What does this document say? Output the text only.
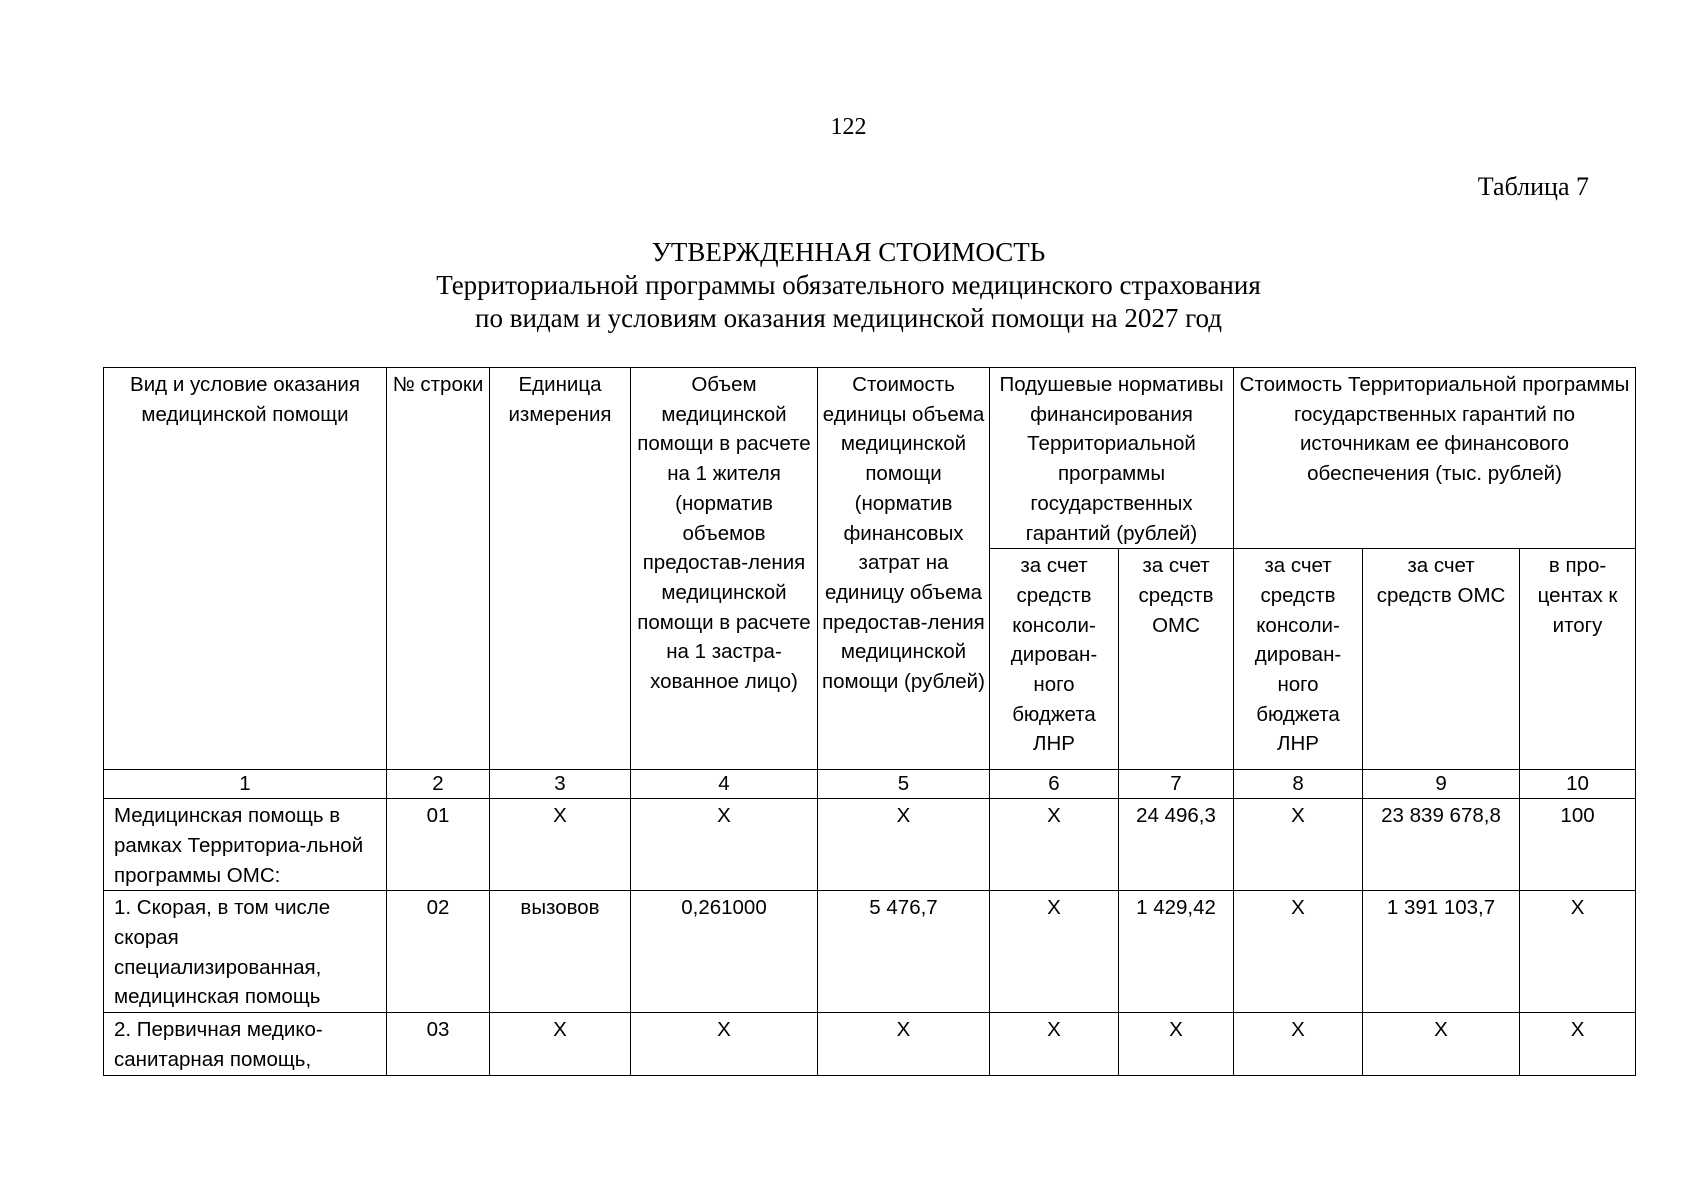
122
Таблица 7
УТВЕРЖДЕННАЯ СТОИМОСТЬ
Территориальной программы обязательного медицинского страхования
по видам и условиям оказания медицинской помощи на 2027 год
Вид и условие оказания медицинской помощи	№ строки	Единица измерения	Объем медицинской помощи в расчете на 1 жителя (норматив объемов предостав-ления медицинской помощи в расчете на 1 застра-хованное лицо)	Стоимость единицы объема медицинской помощи (норматив финансовых затрат на единицу объема предостав-ления медицинской помощи (рублей)	Подушевые нормативы финансирования Территориальной программы государственных гарантий (рублей)		Стоимость Территориальной программы государственных гарантий по источникам ее финансового обеспечения (тыс. рублей)		
					за счет средств консоли-дирован-ного бюджета ЛНР	за счет средств ОМС	за счет средств консоли-дирован-ного бюджета ЛНР	за счет средств ОМС	в про-центах к итогу
1	2	3	4	5	6	7	8	9	10
Медицинская помощь в рамках Территориа-льной программы ОМС:	01	Х	Х	Х	Х	24 496,3	Х	23 839 678,8	100
1. Скорая, в том числе скорая специализированная, медицинская помощь	02	вызовов	0,261000	5 476,7	Х	1 429,42	Х	1 391 103,7	Х
2. Первичная медико-санитарная помощь,	03	Х	Х	Х	Х	Х	Х	Х	Х
